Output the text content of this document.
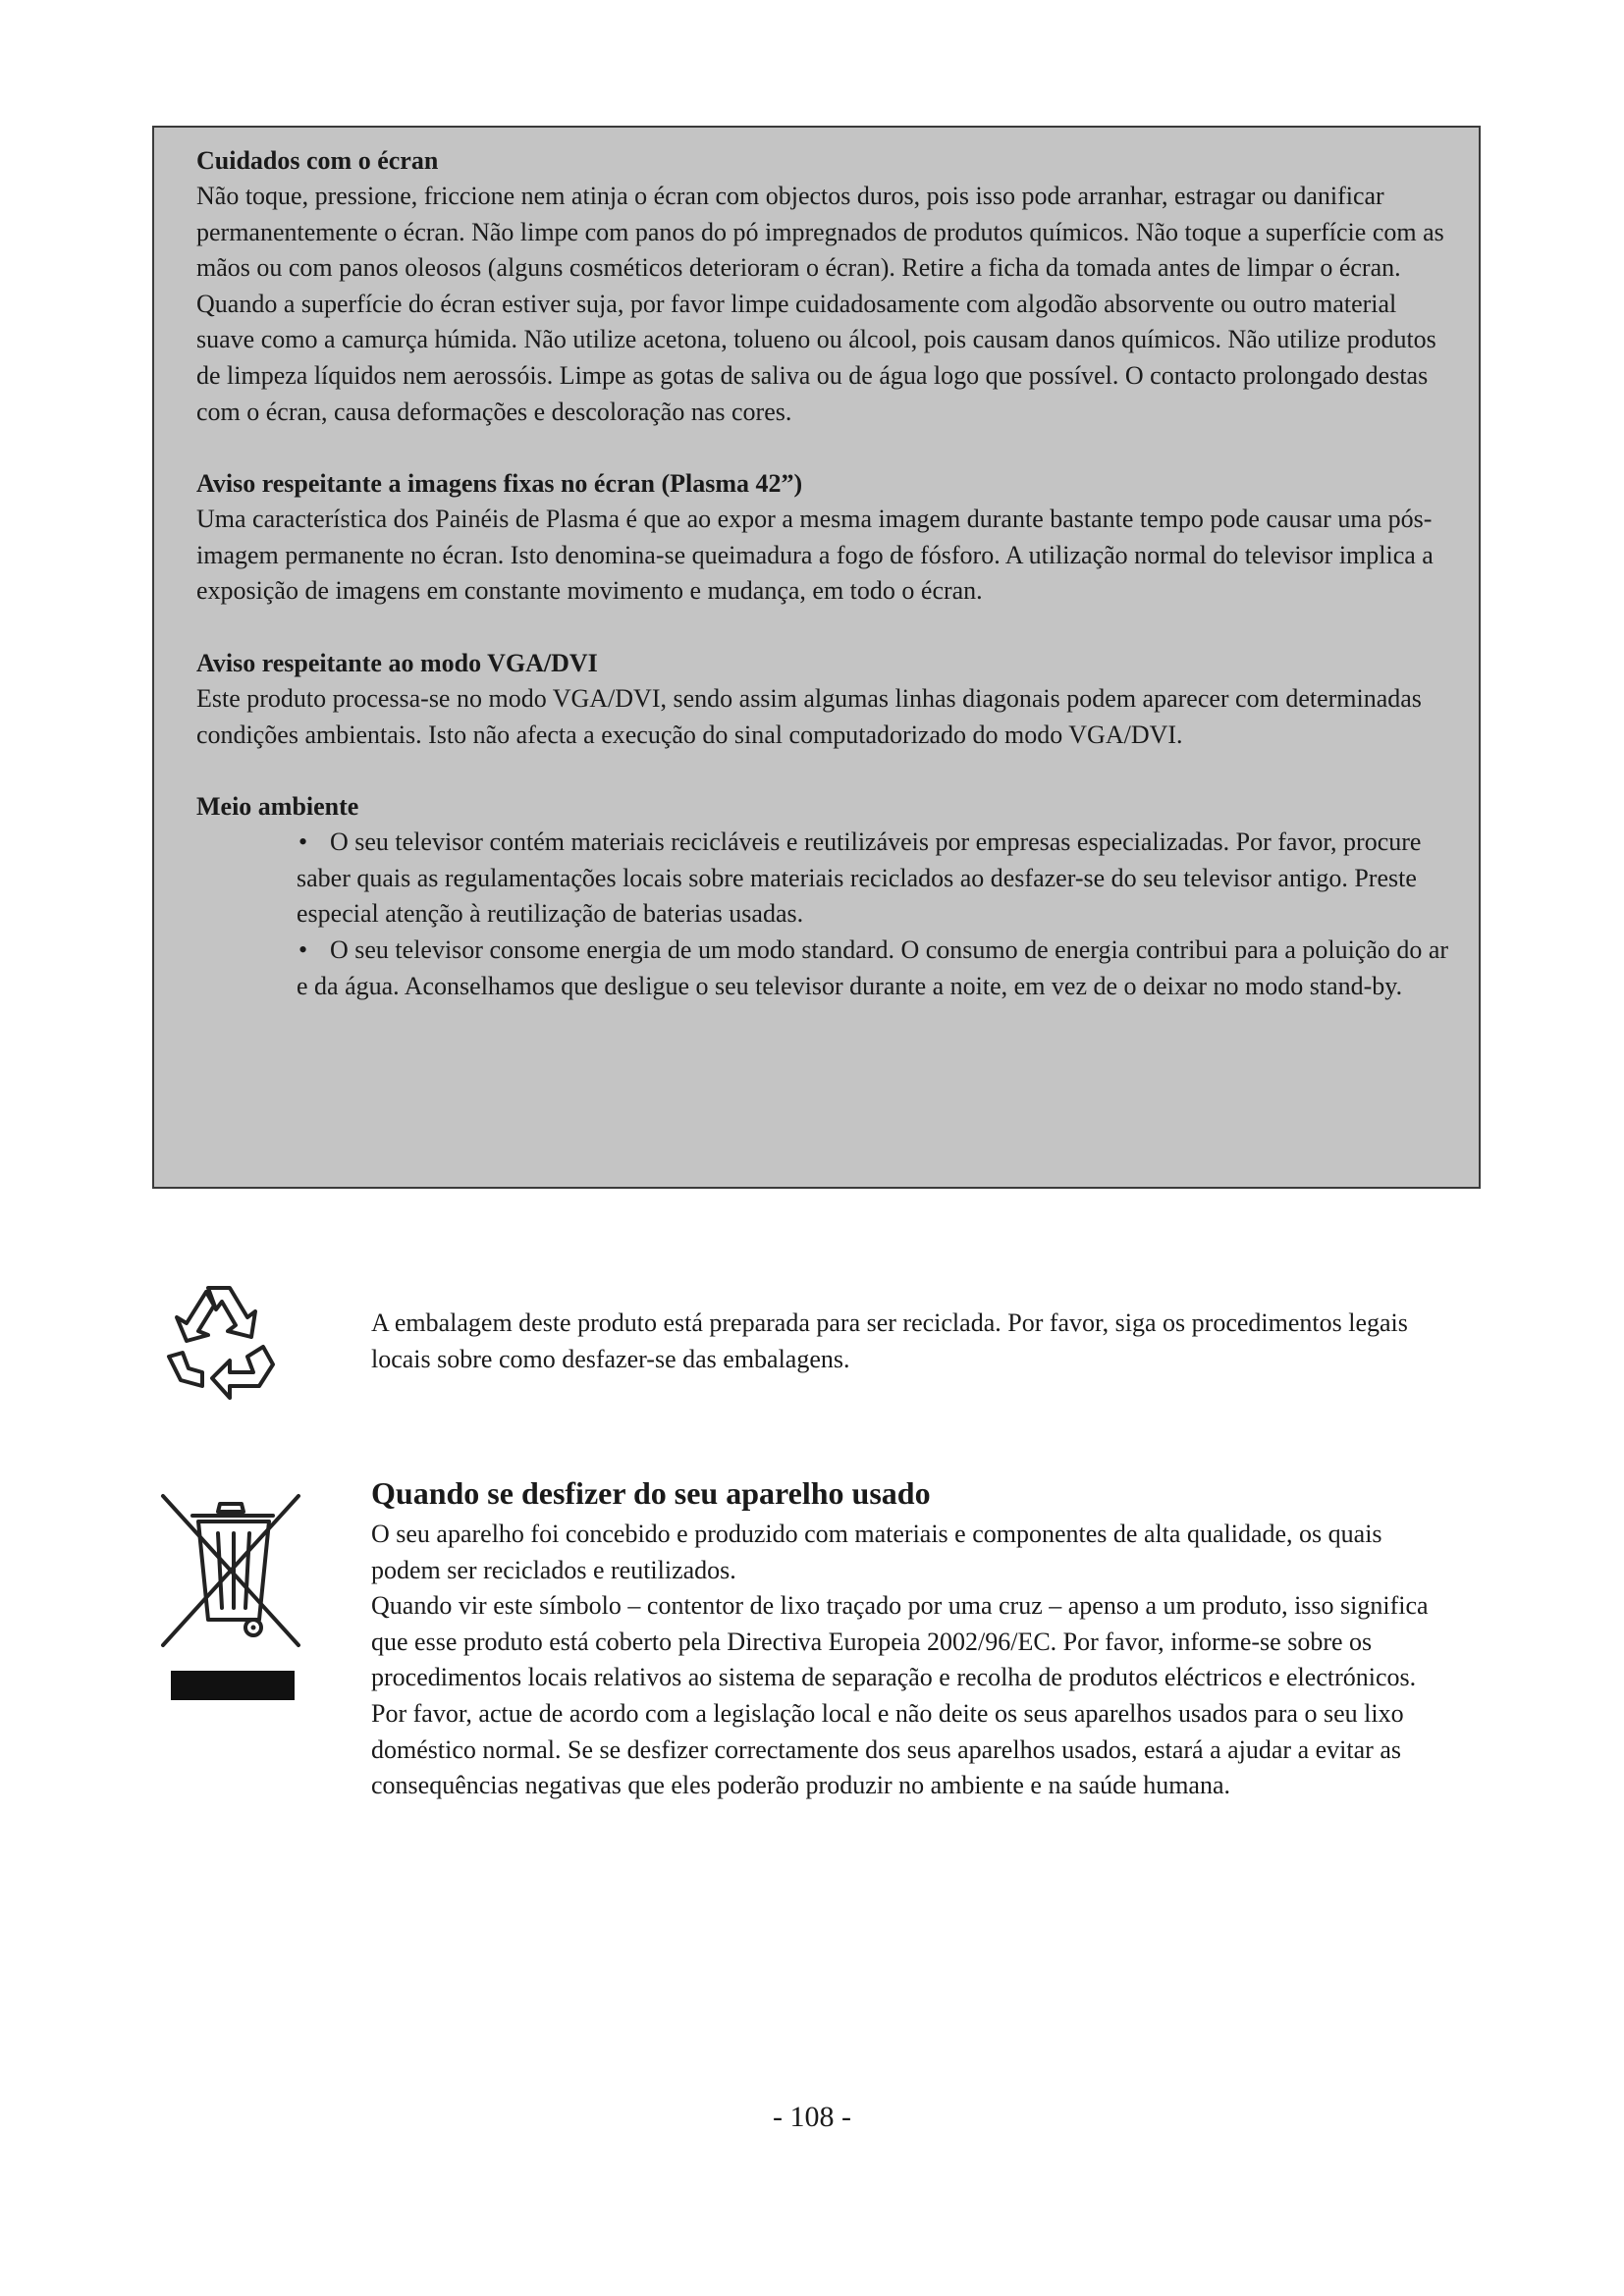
Cuidados com o écran

Não toque, pressione, friccione nem atinja o écran com objectos duros, pois isso pode arranhar, estragar ou danificar permanentemente o écran. Não limpe com panos do pó impregnados de produtos químicos. Não toque a superfície com as mãos ou com panos oleosos (alguns cosméticos deterioram o écran). Retire a ficha da tomada antes de limpar o écran. Quando a superfície do écran estiver suja, por favor limpe cuidadosamente com algodão absorvente ou outro material suave como a camurça húmida. Não utilize acetona, tolueno ou álcool, pois causam danos químicos. Não utilize produtos de limpeza líquidos nem aerossóis. Limpe as gotas de saliva ou de água logo que possível. O contacto prolongado destas com o écran, causa deformações e descoloração nas cores.

Aviso respeitante a imagens fixas no écran (Plasma 42”)

Uma característica dos Painéis de Plasma é que ao expor a mesma imagem durante bastante tempo pode causar uma pós-imagem permanente no écran. Isto denomina-se queimadura a fogo de fósforo. A utilização normal do televisor implica a exposição de imagens em constante movimento e mudança, em todo o écran.

Aviso respeitante ao modo VGA/DVI

Este produto processa-se no modo VGA/DVI, sendo assim algumas linhas diagonais podem aparecer com determinadas condições ambientais. Isto não afecta a execução do sinal computadorizado do modo VGA/DVI.

Meio ambiente

• O seu televisor contém materiais recicláveis e reutilizáveis por empresas especializadas. Por favor, procure saber quais as regulamentações locais sobre materiais reciclados ao desfazer-se do seu televisor antigo. Preste especial atenção à reutilização de baterias usadas.
• O seu televisor consome energia de um modo standard. O consumo de energia contribui para a poluição do ar e da água. Aconselhamos que desligue o seu televisor durante a noite, em vez de o deixar no modo stand-by.
A embalagem deste produto está preparada para ser reciclada. Por favor, siga os procedimentos legais locais sobre como desfazer-se das embalagens.
Quando se desfizer do seu aparelho usado

O seu aparelho foi concebido e produzido com materiais e componentes de alta qualidade, os quais podem ser reciclados e reutilizados.

Quando vir este símbolo – contentor de lixo traçado por uma cruz – apenso a um produto, isso significa que esse produto está coberto pela Directiva Europeia 2002/96/EC. Por favor, informe-se sobre os procedimentos locais relativos ao sistema de separação e recolha de produtos eléctricos e electrónicos. Por favor, actue de acordo com a legislação local e não deite os seus aparelhos usados para o seu lixo doméstico normal. Se se desfizer correctamente dos seus aparelhos usados, estará a ajudar a evitar as consequências negativas que eles poderão produzir no ambiente e na saúde humana.

- 108 -
